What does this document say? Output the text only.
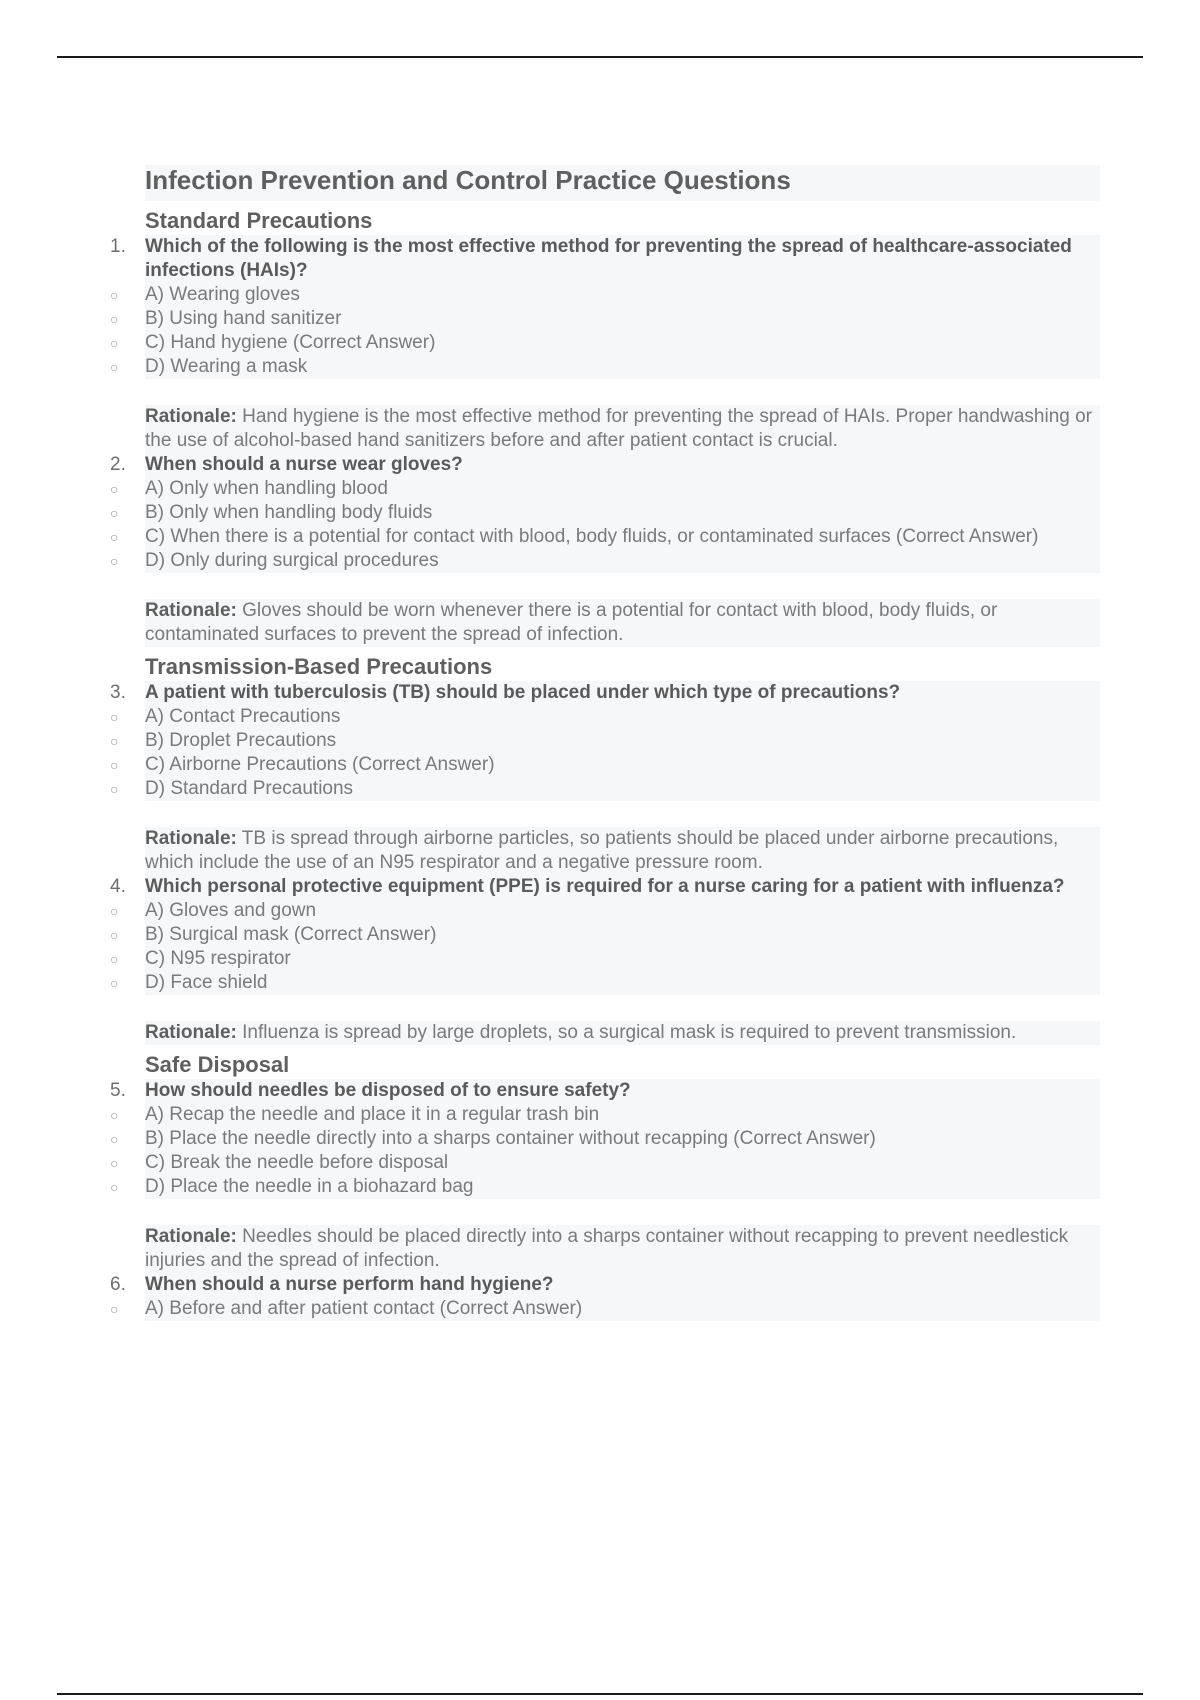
Infection Prevention and Control Practice Questions
Standard Precautions
1.	Which of the following is the most effective method for preventing the spread of healthcare-associated infections (HAIs)?
○ A) Wearing gloves
○ B) Using hand sanitizer
○ C) Hand hygiene (Correct Answer)
○ D) Wearing a mask
Rationale: Hand hygiene is the most effective method for preventing the spread of HAIs. Proper handwashing or the use of alcohol-based hand sanitizers before and after patient contact is crucial.
2.	When should a nurse wear gloves?
○ A) Only when handling blood
○ B) Only when handling body fluids
○ C) When there is a potential for contact with blood, body fluids, or contaminated surfaces (Correct Answer)
○ D) Only during surgical procedures
Rationale: Gloves should be worn whenever there is a potential for contact with blood, body fluids, or contaminated surfaces to prevent the spread of infection.
Transmission-Based Precautions
3.	A patient with tuberculosis (TB) should be placed under which type of precautions?
○ A) Contact Precautions
○ B) Droplet Precautions
○ C) Airborne Precautions (Correct Answer)
○ D) Standard Precautions
Rationale: TB is spread through airborne particles, so patients should be placed under airborne precautions, which include the use of an N95 respirator and a negative pressure room.
4.	Which personal protective equipment (PPE) is required for a nurse caring for a patient with influenza?
○ A) Gloves and gown
○ B) Surgical mask (Correct Answer)
○ C) N95 respirator
○ D) Face shield
Rationale: Influenza is spread by large droplets, so a surgical mask is required to prevent transmission.
Safe Disposal
5.	How should needles be disposed of to ensure safety?
○ A) Recap the needle and place it in a regular trash bin
○ B) Place the needle directly into a sharps container without recapping (Correct Answer)
○ C) Break the needle before disposal
○ D) Place the needle in a biohazard bag
Rationale: Needles should be placed directly into a sharps container without recapping to prevent needlestick injuries and the spread of infection.
6.	When should a nurse perform hand hygiene?
○ A) Before and after patient contact (Correct Answer)
